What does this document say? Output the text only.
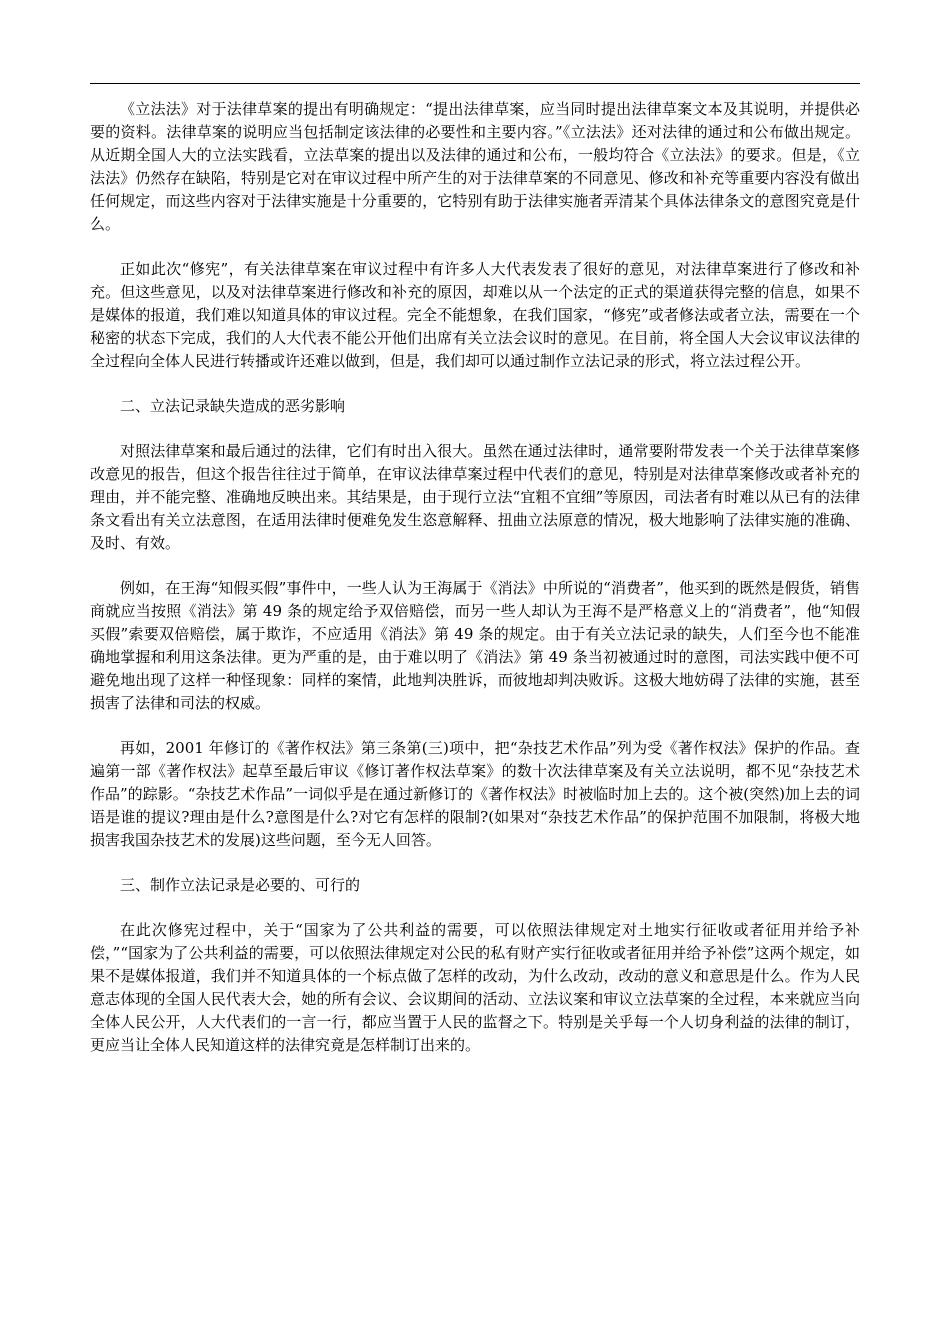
《立法法》对于法律草案的提出有明确规定：“提出法律草案，应当同时提出法律草案文本及其说明，并提供必要的资料。法律草案的说明应当包括制定该法律的必要性和主要内容。”《立法法》还对法律的通过和公布做出规定。从近期全国人大的立法实践看，立法草案的提出以及法律的通过和公布，一般均符合《立法法》的要求。但是，《立法法》仍然存在缺陷，特别是它对在审议过程中所产生的对于法律草案的不同意见、修改和补充等重要内容没有做出任何规定，而这些内容对于法律实施是十分重要的，它特别有助于法律实施者弄清某个具体法律条文的意图究竟是什么。

正如此次“修宪”，有关法律草案在审议过程中有许多人大代表发表了很好的意见，对法律草案进行了修改和补充。但这些意见，以及对法律草案进行修改和补充的原因，却难以从一个法定的正式的渠道获得完整的信息，如果不是媒体的报道，我们难以知道具体的审议过程。完全不能想象，在我们国家，“修宪”或者修法或者立法，需要在一个秘密的状态下完成，我们的人大代表不能公开他们出席有关立法会议时的意见。在目前，将全国人大会议审议法律的全过程向全体人民进行转播或许还难以做到，但是，我们却可以通过制作立法记录的形式，将立法过程公开。

二、立法记录缺失造成的恶劣影响

对照法律草案和最后通过的法律，它们有时出入很大。虽然在通过法律时，通常要附带发表一个关于法律草案修改意见的报告，但这个报告往往过于简单，在审议法律草案过程中代表们的意见，特别是对法律草案修改或者补充的理由，并不能完整、准确地反映出来。其结果是，由于现行立法“宜粗不宜细”等原因，司法者有时难以从已有的法律条文看出有关立法意图，在适用法律时便难免发生恣意解释、扭曲立法原意的情况，极大地影响了法律实施的准确、及时、有效。

例如，在王海“知假买假”事件中，一些人认为王海属于《消法》中所说的“消费者”，他买到的既然是假货，销售商就应当按照《消法》第 49 条的规定给予双倍赔偿，而另一些人却认为王海不是严格意义上的“消费者”，他“知假买假”索要双倍赔偿，属于欺诈，不应适用《消法》第 49 条的规定。由于有关立法记录的缺失，人们至今也不能准确地掌握和利用这条法律。更为严重的是，由于难以明了《消法》第 49 条当初被通过时的意图，司法实践中便不可避免地出现了这样一种怪现象：同样的案情，此地判决胜诉，而彼地却判决败诉。这极大地妨碍了法律的实施，甚至损害了法律和司法的权威。

再如，2001 年修订的《著作权法》第三条第(三)项中，把“杂技艺术作品”列为受《著作权法》保护的作品。查遍第一部《著作权法》起草至最后审议《修订著作权法草案》的数十次法律草案及有关立法说明，都不见“杂技艺术作品”的踪影。“杂技艺术作品”一词似乎是在通过新修订的《著作权法》时被临时加上去的。这个被(突然)加上去的词语是谁的提议?理由是什么?意图是什么?对它有怎样的限制?(如果对“杂技艺术作品”的保护范围不加限制，将极大地损害我国杂技艺术的发展)这些问题，至今无人回答。

三、制作立法记录是必要的、可行的

在此次修宪过程中，关于“国家为了公共利益的需要，可以依照法律规定对土地实行征收或者征用并给予补偿，”“国家为了公共利益的需要，可以依照法律规定对公民的私有财产实行征收或者征用并给予补偿”这两个规定，如果不是媒体报道，我们并不知道具体的一个标点做了怎样的改动，为什么改动，改动的意义和意思是什么。作为人民意志体现的全国人民代表大会，她的所有会议、会议期间的活动、立法议案和审议立法草案的全过程，本来就应当向全体人民公开，人大代表们的一言一行，都应当置于人民的监督之下。特别是关乎每一个人切身利益的法律的制订，更应当让全体人民知道这样的法律究竟是怎样制订出来的。
